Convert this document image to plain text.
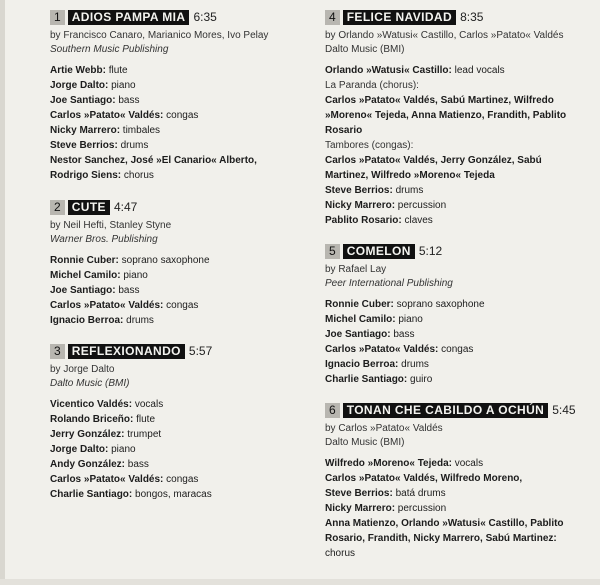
1 ADIOS PAMPA MIA 6:35
by Francisco Canaro, Marianico Mores, Ivo Pelay
Southern Music Publishing
Artie Webb: flute
Jorge Dalto: piano
Joe Santiago: bass
Carlos »Patato« Valdés: congas
Nicky Marrero: timbales
Steve Berrios: drums
Nestor Sanchez, José »El Canario« Alberto,
Rodrigo Siens: chorus
2 CUTE 4:47
by Neil Hefti, Stanley Styne
Warner Bros. Publishing
Ronnie Cuber: soprano saxophone
Michel Camilo: piano
Joe Santiago: bass
Carlos »Patato« Valdés: congas
Ignacio Berroa: drums
3 REFLEXIONANDO 5:57
by Jorge Dalto
Dalto Music (BMI)
Vicentico Valdés: vocals
Rolando Briceño: flute
Jerry González: trumpet
Jorge Dalto: piano
Andy González: bass
Carlos »Patato« Valdés: congas
Charlie Santiago: bongos, maracas
4 FELICE NAVIDAD 8:35
by Orlando »Watusi« Castillo, Carlos »Patato« Valdés
Dalto Music (BMI)
Orlando »Watusi« Castillo: lead vocals
La Paranda (chorus):
Carlos »Patato« Valdés, Sabú Martinez, Wilfredo
»Moreno« Tejeda, Anna Matienzo, Frandith, Pablito
Rosario
Tambores (congas):
Carlos »Patato« Valdés, Jerry González, Sabú
Martinez, Wilfredo »Moreno« Tejeda
Steve Berrios: drums
Nicky Marrero: percussion
Pablito Rosario: claves
5 COMELON 5:12
by Rafael Lay
Peer International Publishing
Ronnie Cuber: soprano saxophone
Michel Camilo: piano
Joe Santiago: bass
Carlos »Patato« Valdés: congas
Ignacio Berroa: drums
Charlie Santiago: guiro
6 TONAN CHE CABILDO A OCHÚN 5:45
by Carlos »Patato« Valdés
Dalto Music (BMI)
Wilfredo »Moreno« Tejeda: vocals
Carlos »Patato« Valdés, Wilfredo Moreno,
Steve Berrios: batá drums
Nicky Marrero: percussion
Anna Matienzo, Orlando »Watusi« Castillo, Pablito
Rosario, Frandith, Nicky Marrero, Sabú Martinez:
chorus
